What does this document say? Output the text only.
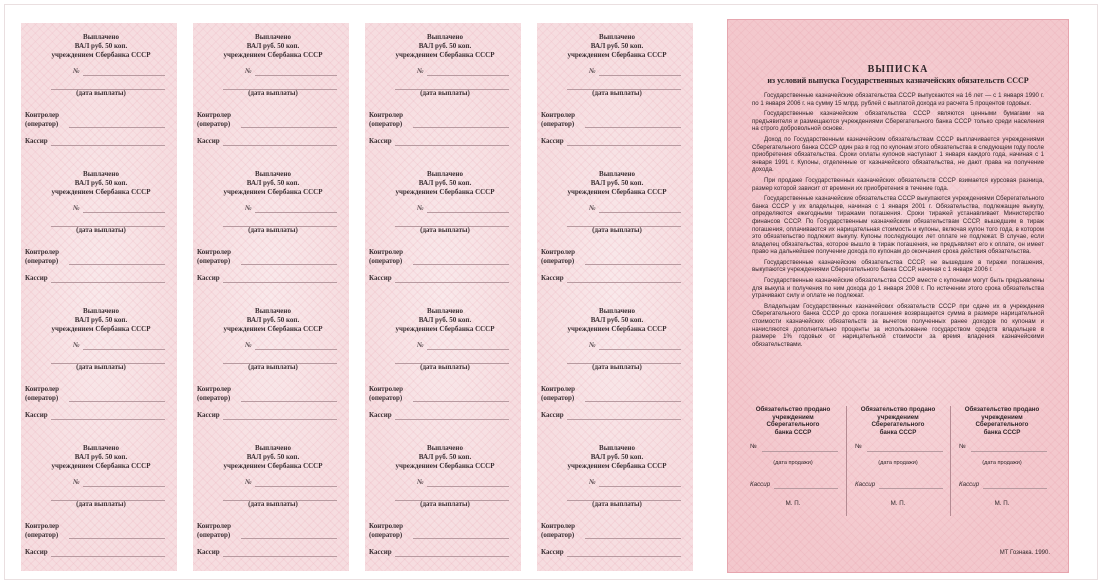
Выплачено
ВАЛ руб. 50 коп.
учреждением Сбербанка СССР
№
(дата выплаты)
Контролер
(оператор)
Кассир
Выплачено
ВАЛ руб. 50 коп.
учреждением Сбербанка СССР
№
(дата выплаты)
Контролер
(оператор)
Кассир
Выплачено
ВАЛ руб. 50 коп.
учреждением Сбербанка СССР
№
(дата выплаты)
Контролер
(оператор)
Кассир
Выплачено
ВАЛ руб. 50 коп.
учреждением Сбербанка СССР
№
(дата выплаты)
Контролер
(оператор)
Кассир
Выплачено
ВАЛ руб. 50 коп.
учреждением Сбербанка СССР
№
(дата выплаты)
Контролер
(оператор)
Кассир
Выплачено
ВАЛ руб. 50 коп.
учреждением Сбербанка СССР
№
(дата выплаты)
Контролер
(оператор)
Кассир
Выплачено
ВАЛ руб. 50 коп.
учреждением Сбербанка СССР
№
(дата выплаты)
Контролер
(оператор)
Кассир
Выплачено
ВАЛ руб. 50 коп.
учреждением Сбербанка СССР
№
(дата выплаты)
Контролер
(оператор)
Кассир
Выплачено
ВАЛ руб. 50 коп.
учреждением Сбербанка СССР
№
(дата выплаты)
Контролер
(оператор)
Кассир
Выплачено
ВАЛ руб. 50 коп.
учреждением Сбербанка СССР
№
(дата выплаты)
Контролер
(оператор)
Кассир
Выплачено
ВАЛ руб. 50 коп.
учреждением Сбербанка СССР
№
(дата выплаты)
Контролер
(оператор)
Кассир
Выплачено
ВАЛ руб. 50 коп.
учреждением Сбербанка СССР
№
(дата выплаты)
Контролер
(оператор)
Кассир
Выплачено
ВАЛ руб. 50 коп.
учреждением Сбербанка СССР
№
(дата выплаты)
Контролер
(оператор)
Кассир
Выплачено
ВАЛ руб. 50 коп.
учреждением Сбербанка СССР
№
(дата выплаты)
Контролер
(оператор)
Кассир
Выплачено
ВАЛ руб. 50 коп.
учреждением Сбербанка СССР
№
(дата выплаты)
Контролер
(оператор)
Кассир
Выплачено
ВАЛ руб. 50 коп.
учреждением Сбербанка СССР
№
(дата выплаты)
Контролер
(оператор)
Кассир
ВЫПИСКА
из условий выпуска Государственных казначейских обязательств СССР

Государственные казначейские обязательства СССР выпускаются на 16 лет — с 1 января 1990 г. по 1 января 2006 г. на сумму 15 млрд. рублей с выплатой дохода из расчета 5 процентов годовых.

Государственные казначейские обязательства СССР являются ценными бумагами на предъявителя и размещаются учреждениями Сберегательного банка СССР только среди населения на строго добровольной основе.

Доход по Государственным казначейским обязательствам СССР выплачивается учреждениями Сберегательного банка СССР один раз в год по купонам этого обязательства в следующем году после приобретения обязательства. Сроки оплаты купонов наступают 1 января каждого года, начиная с 1 января 1991 г. Купоны, отделенные от казначейского обязательства, не дают права на получение дохода.

При продаже Государственных казначейских обязательств СССР взимается курсовая разница, размер которой зависит от времени их приобретения в течение года.

Государственные казначейские обязательства СССР выкупаются учреждениями Сберегательного банка СССР у их владельцев, начиная с 1 января 2001 г. Обязательства, подлежащие выкупу, определяются ежегодными тиражами погашения. Сроки тиражей устанавливает Министерство финансов СССР. По Государственным казначейским обязательствам СССР, вышедшим в тираж погашения, оплачиваются их нарицательная стоимость и купоны, включая купон того года, в котором это обязательство подлежит выкупу. Купоны последующих лет оплате не подлежат. В случае, если владелец обязательства, которое вышло в тираж погашения, не предъявляет его к оплате, он имеет право на дальнейшее получение дохода по купонам до окончания срока действия обязательства.

Государственные казначейские обязательства СССР, не вышедшие в тиражи погашения, выкупаются учреждениями Сберегательного банка СССР, начиная с 1 января 2006 г.

Государственные казначейские обязательства СССР вместе с купонами могут быть предъявлены для выкупа и получения по ним дохода до 1 января 2008 г. По истечении этого срока обязательства утрачивают силу и оплате не подлежат.

Владельцам Государственных казначейских обязательств СССР при сдаче их в учреждения Сберегательного банка СССР до срока погашения возвращается сумма в размере нарицательной стоимости казначейских обязательств за вычетом полученных ранее доходов по купонам и начисляются дополнительно проценты за использование государством средств владельцев в размере 1% годовых от нарицательной стоимости за время владения казначейскими обязательствами.

Обязательство продано
учреждением Сберегательного
банка СССР
№
(дата продажи)
Кассир
М. П.
Обязательство продано
учреждением Сберегательного
банка СССР
№
(дата продажи)
Кассир
М. П.
Обязательство продано
учреждением Сберегательного
банка СССР
№
(дата продажи)
Кассир
М. П.
МТ Гознака. 1990.
